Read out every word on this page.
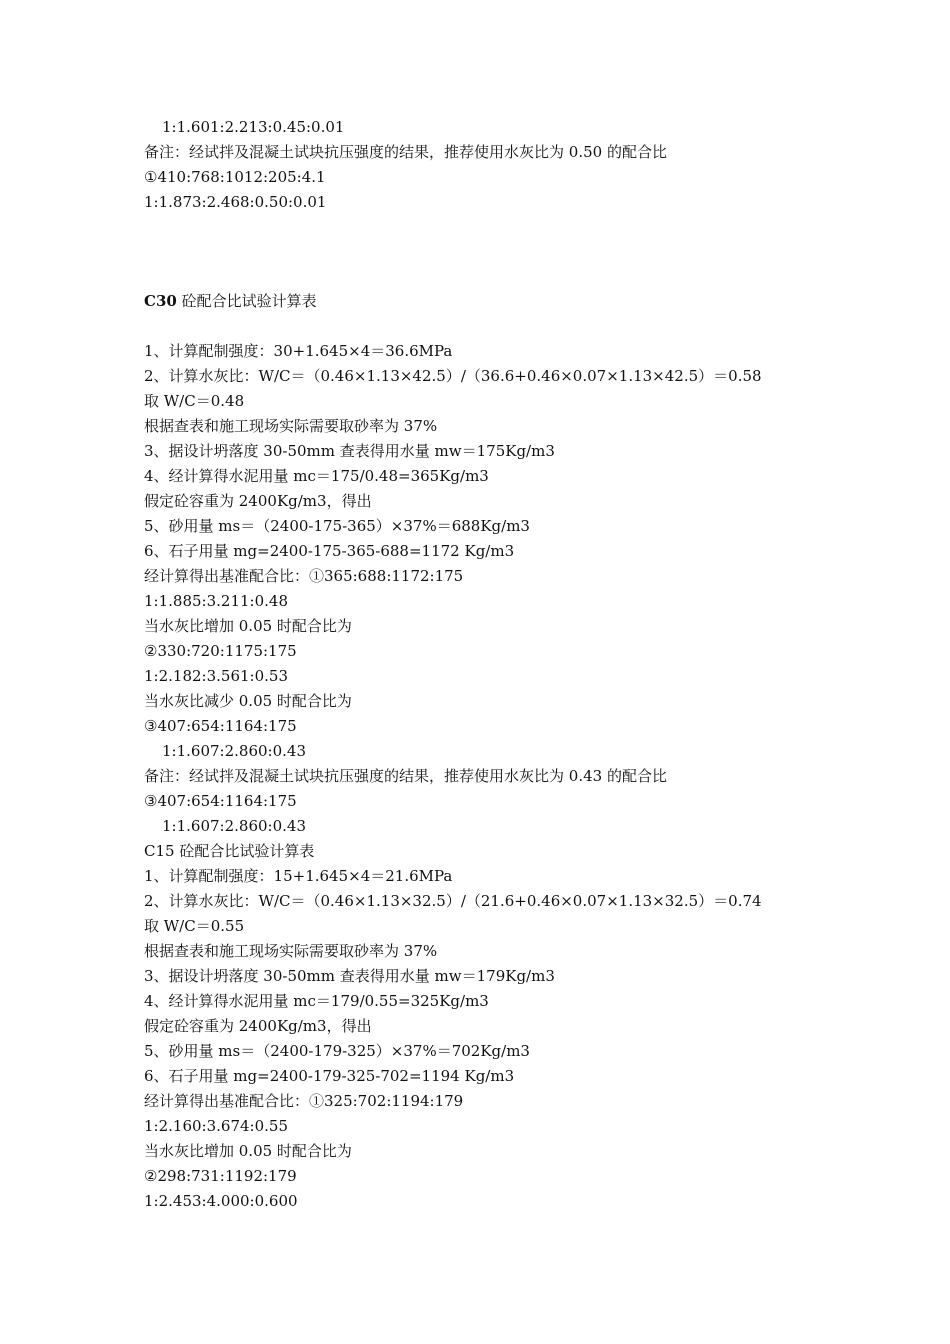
1:1.601:2.213:0.45:0.01
备注：经试拌及混凝土试块抗压强度的结果，推荐使用水灰比为 0.50 的配合比
①410:768:1012:205:4.1
1:1.873:2.468:0.50:0.01
C30 砼配合比试验计算表
1、计算配制强度：30+1.645×4＝36.6MPa
2、计算水灰比：W/C＝（0.46×1.13×42.5）/（36.6+0.46×0.07×1.13×42.5）＝0.58
取 W/C＝0.48
根据查表和施工现场实际需要取砂率为 37%
3、据设计坍落度 30-50mm 查表得用水量 mw＝175Kg/m3
4、经计算得水泥用量 mc＝175/0.48=365Kg/m3
假定砼容重为 2400Kg/m3，得出
5、砂用量 ms＝（2400-175-365）×37%＝688Kg/m3
6、石子用量 mg=2400-175-365-688=1172 Kg/m3
经计算得出基准配合比：①365:688:1172:175
1:1.885:3.211:0.48
当水灰比增加 0.05 时配合比为
②330:720:1175:175
1:2.182:3.561:0.53
当水灰比减少 0.05 时配合比为
③407:654:1164:175
1:1.607:2.860:0.43
备注：经试拌及混凝土试块抗压强度的结果，推荐使用水灰比为 0.43 的配合比
③407:654:1164:175
1:1.607:2.860:0.43
C15 砼配合比试验计算表
1、计算配制强度：15+1.645×4＝21.6MPa
2、计算水灰比：W/C＝（0.46×1.13×32.5）/（21.6+0.46×0.07×1.13×32.5）＝0.74
取 W/C＝0.55
根据查表和施工现场实际需要取砂率为 37%
3、据设计坍落度 30-50mm 查表得用水量 mw＝179Kg/m3
4、经计算得水泥用量 mc＝179/0.55=325Kg/m3
假定砼容重为 2400Kg/m3，得出
5、砂用量 ms＝（2400-179-325）×37%＝702Kg/m3
6、石子用量 mg=2400-179-325-702=1194 Kg/m3
经计算得出基准配合比：①325:702:1194:179
1:2.160:3.674:0.55
当水灰比增加 0.05 时配合比为
②298:731:1192:179
1:2.453:4.000:0.600
